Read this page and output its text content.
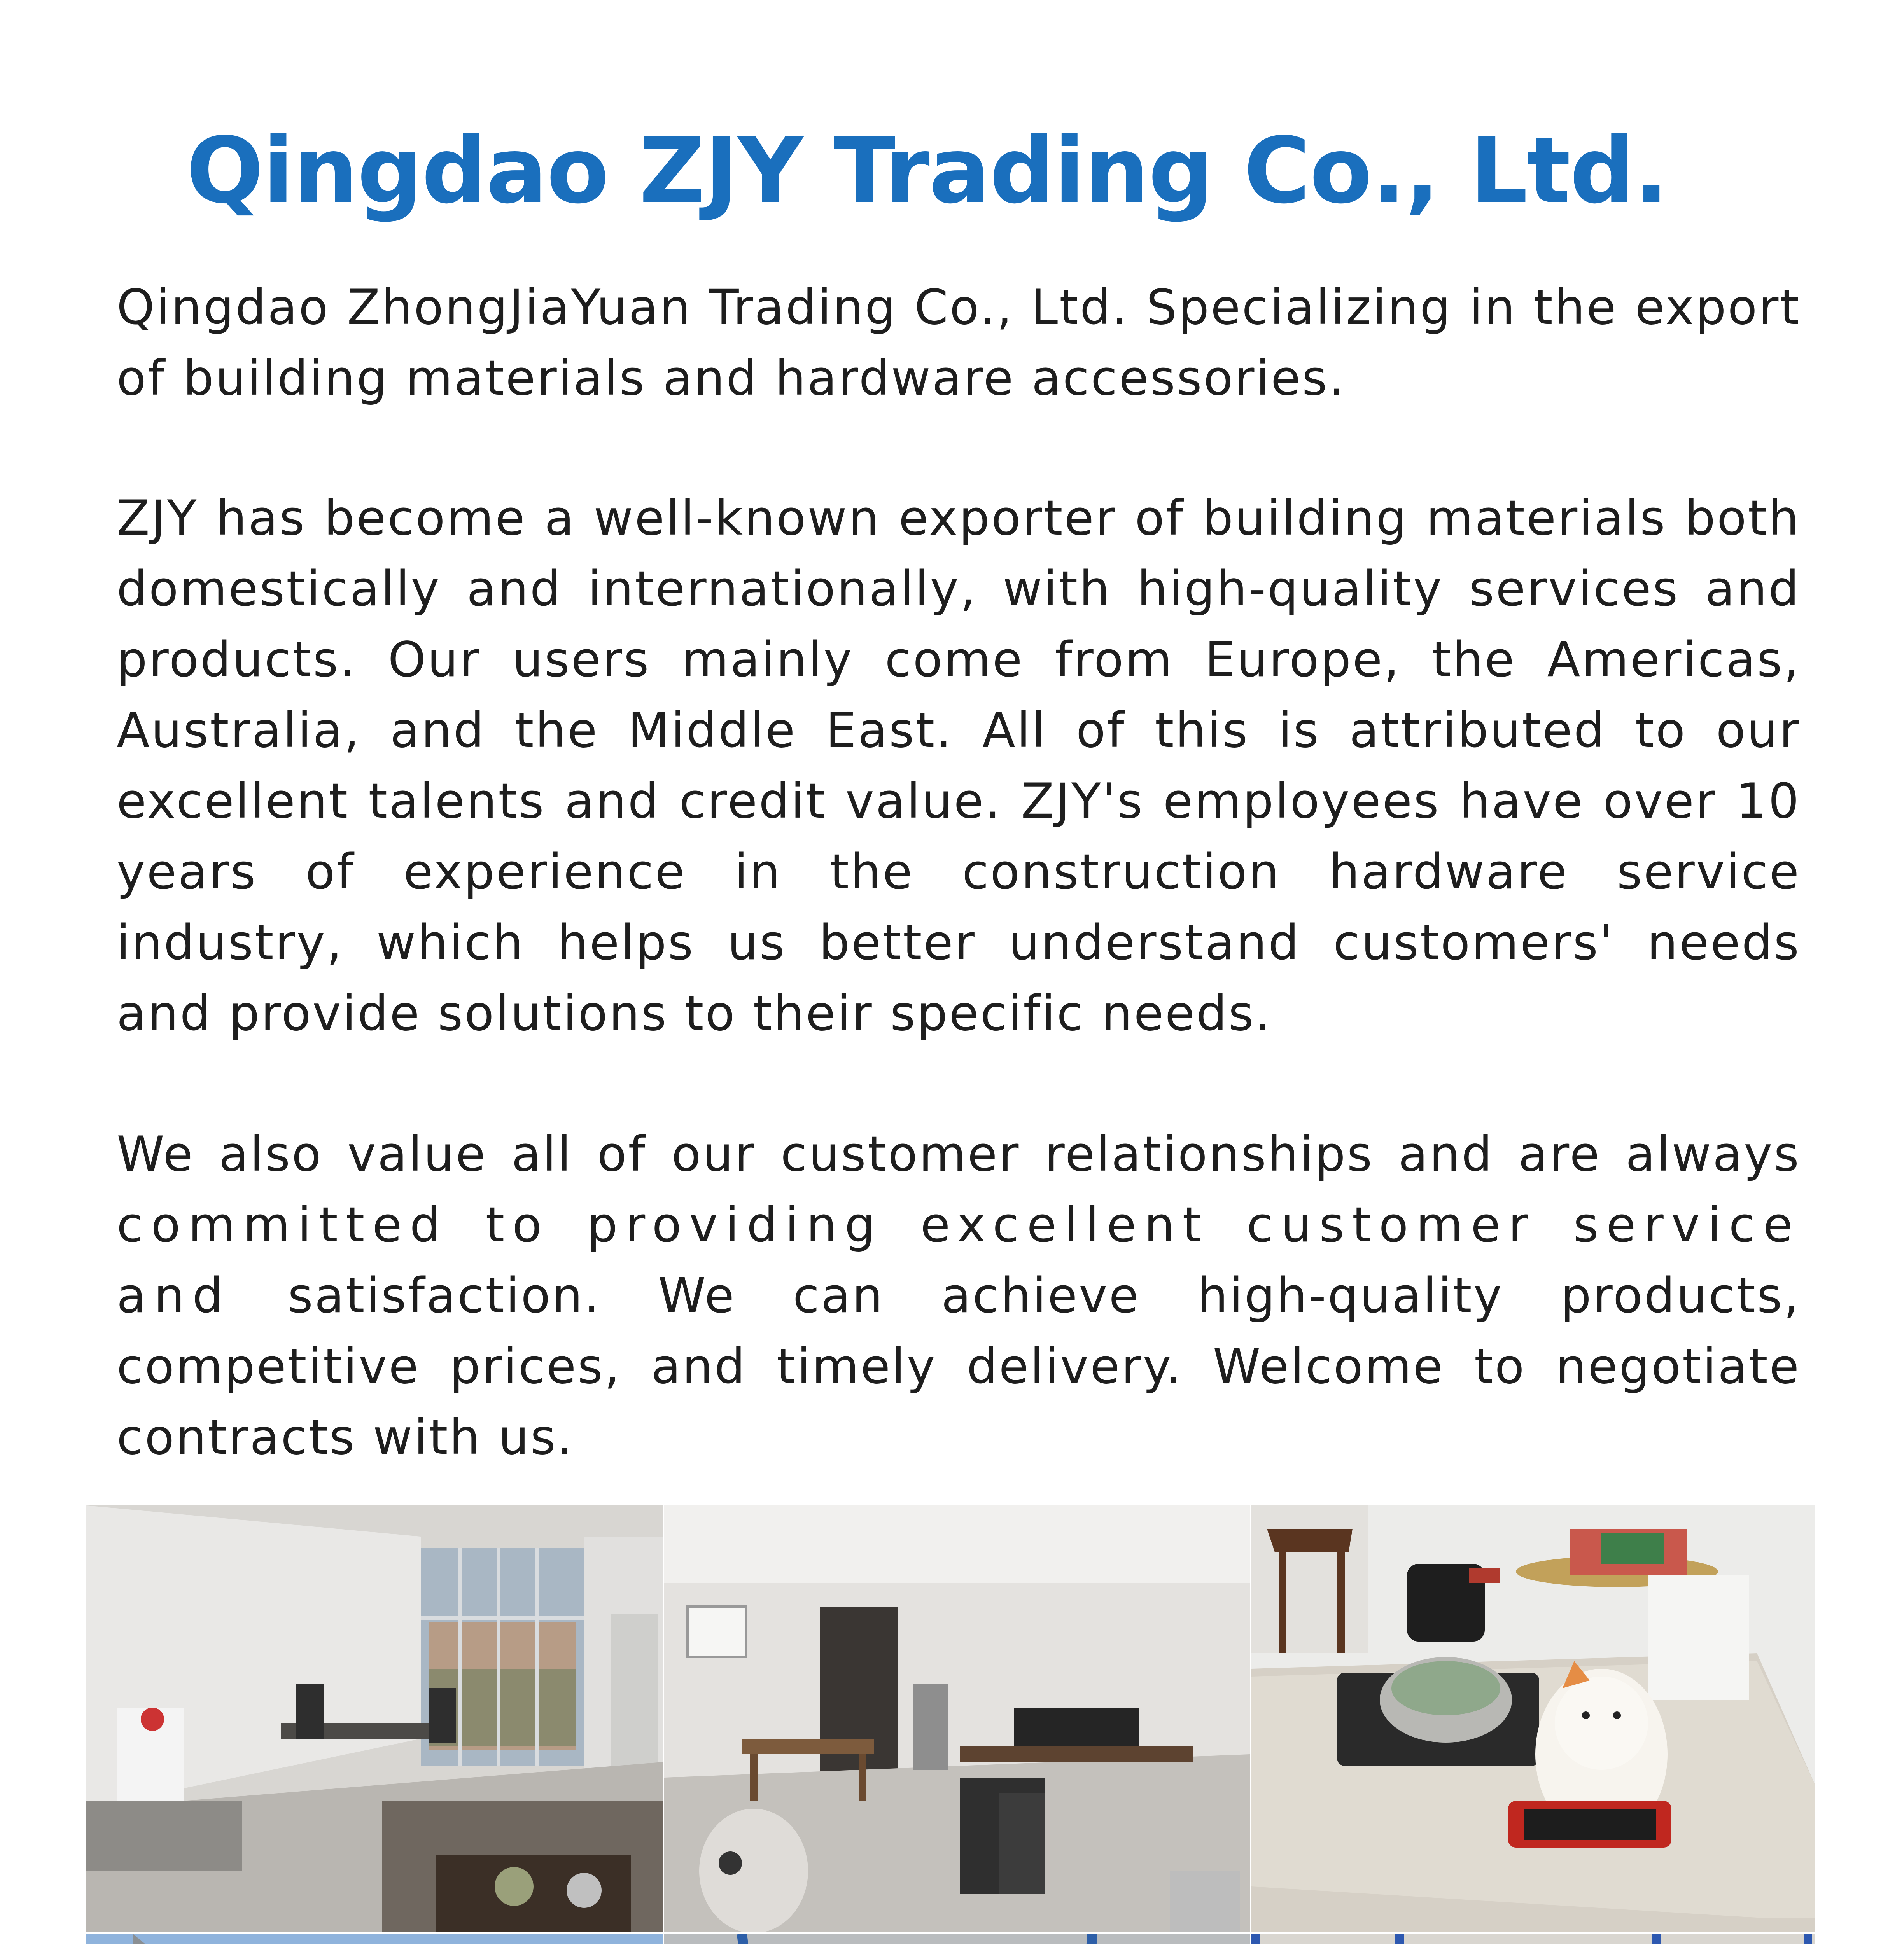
Qingdao ZJY Trading Co., Ltd.

Qingdao ZhongJiaYuan Trading Co., Ltd. Specializing in the export of building materials and hardware accessories.

ZJY has become a well-known exporter of building materials both domestically and internationally, with high-quality services and products. Our users mainly come from Europe, the Americas, Australia, and the Middle East. All of this is attributed to our excellent talents and credit value. ZJY's employees have over 10 years of experience in the construction hardware service industry, which helps us better understand customers' needs and provide solutions to their specific needs.

We also value all of our customer relationships and are always committed to providing excellent customer service and satisfaction. We can achieve high-quality products, competitive prices, and timely delivery. Welcome to negotiate contracts with us.
